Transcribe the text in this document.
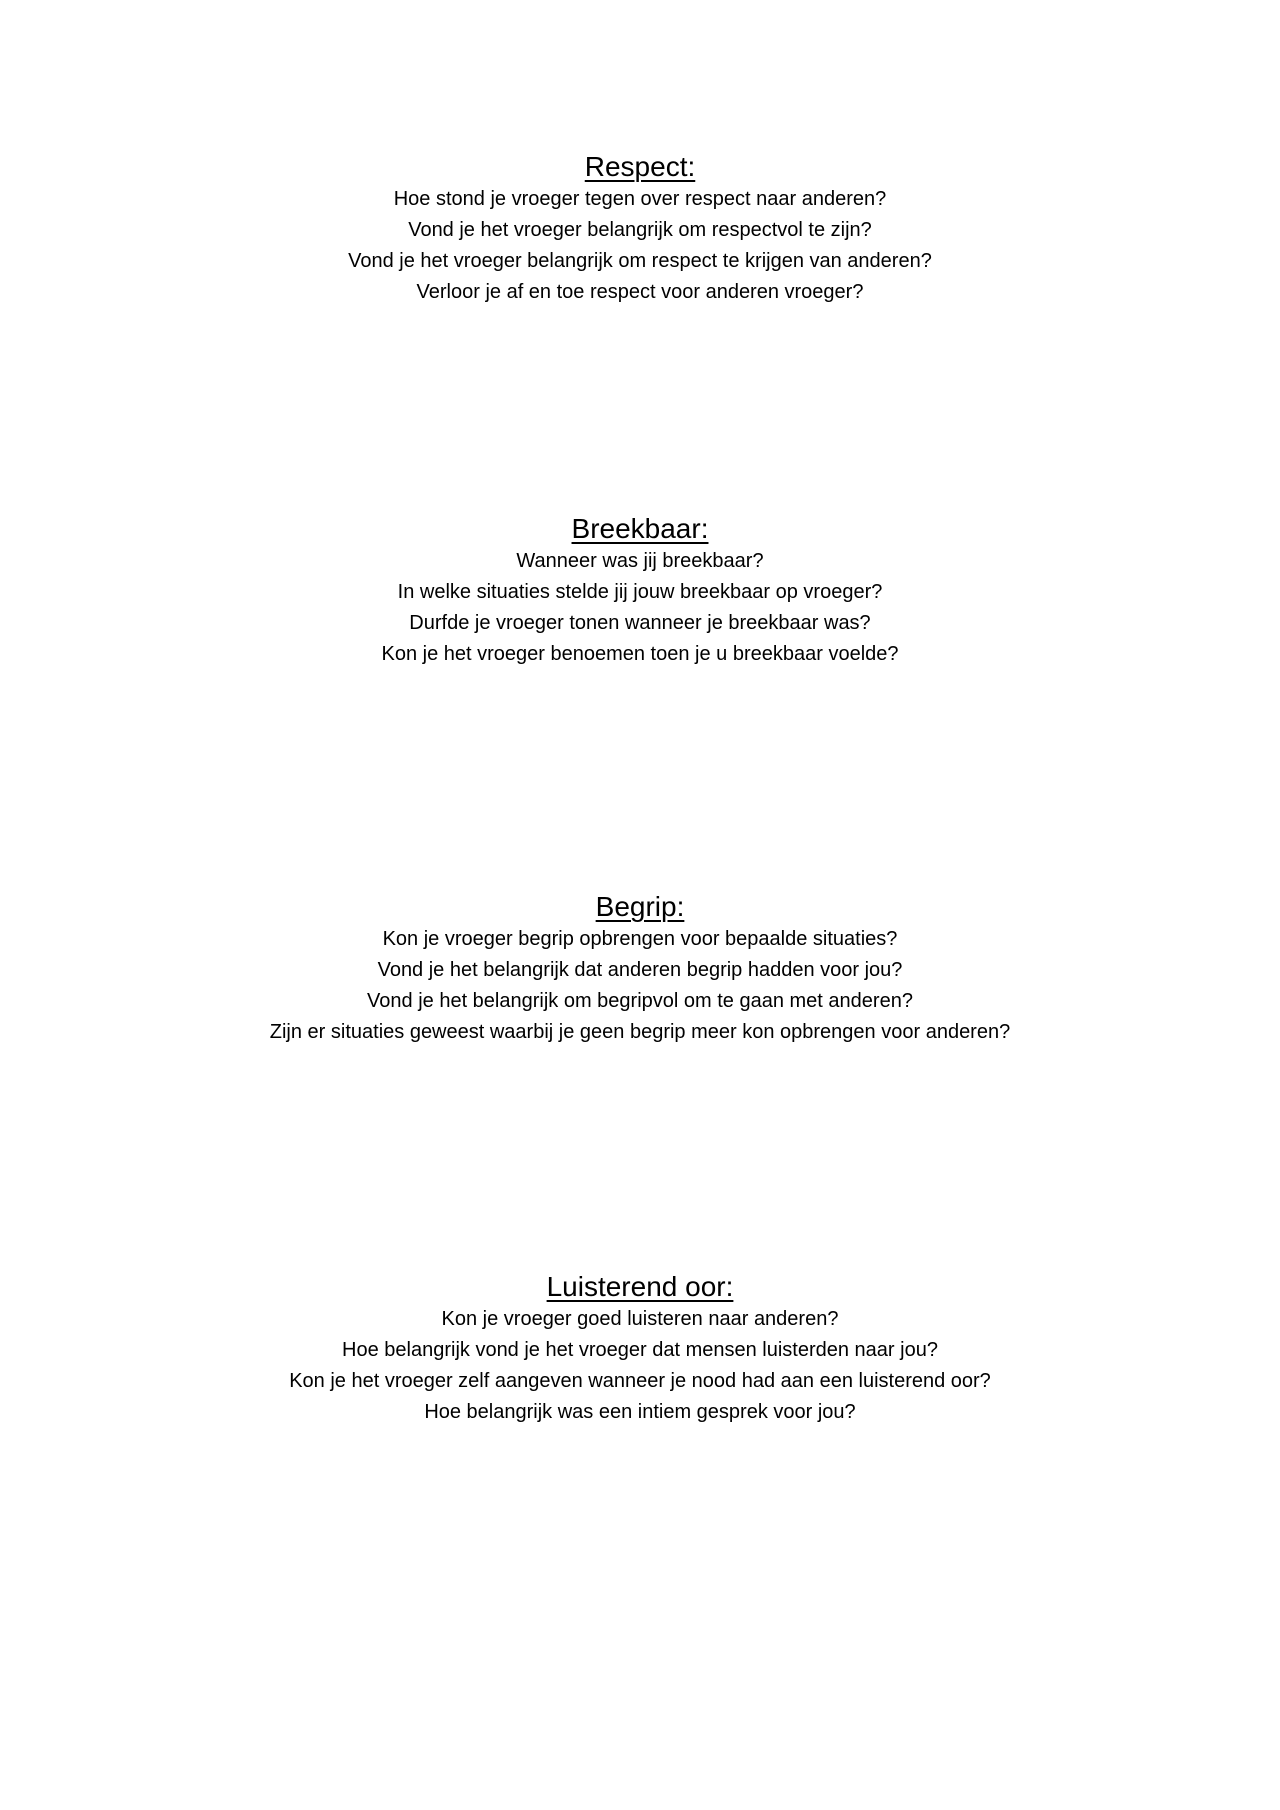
Respect:

Hoe stond je vroeger tegen over respect naar anderen?

Vond je het vroeger belangrijk om respectvol te zijn?

Vond je het vroeger belangrijk om respect te krijgen van anderen?

Verloor je af en toe respect voor anderen vroeger?

Breekbaar:

Wanneer was jij breekbaar?

In welke situaties stelde jij jouw breekbaar op vroeger?

Durfde je vroeger tonen wanneer je breekbaar was?

Kon je het vroeger benoemen toen je u breekbaar voelde?

Begrip:

Kon je vroeger begrip opbrengen voor bepaalde situaties?

Vond je het belangrijk dat anderen begrip hadden voor jou?

Vond je het belangrijk om begripvol om te gaan met anderen?

Zijn er situaties geweest waarbij je geen begrip meer kon opbrengen voor anderen?

Luisterend oor:

Kon je vroeger goed luisteren naar anderen?

Hoe belangrijk vond je het vroeger dat mensen luisterden naar jou?

Kon je het vroeger zelf aangeven wanneer je nood had aan een luisterend oor?

Hoe belangrijk was een intiem gesprek voor jou?
